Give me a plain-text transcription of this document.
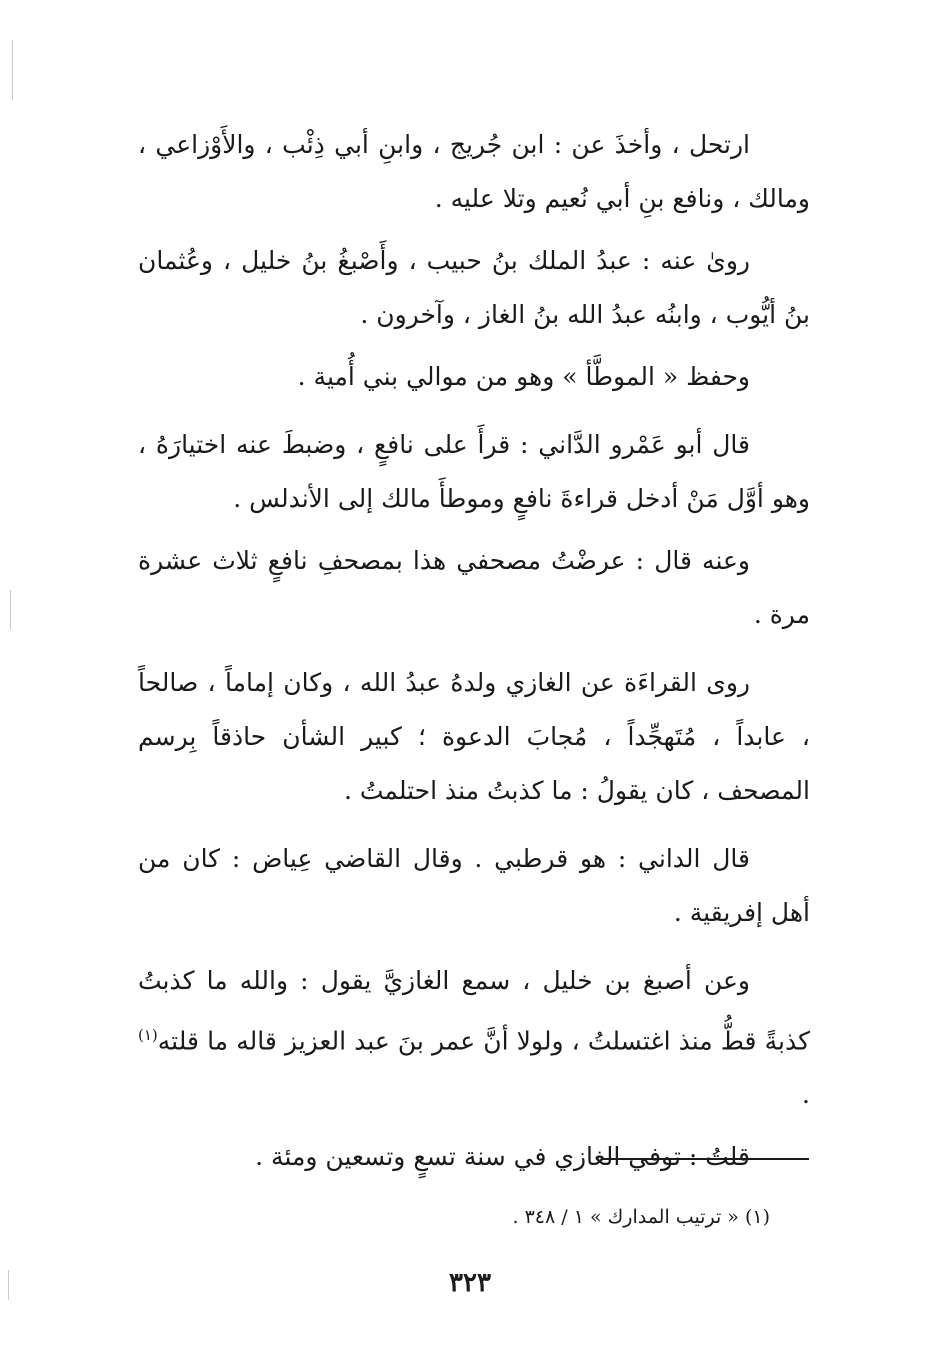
ارتحل ، وأخذَ عن : ابن جُريج ، وابنِ أبي ذِئْب ، والأَوْزاعي ، ومالك ، ونافع بنِ أبي نُعيم وتلا عليه .

روىٰ عنه : عبدُ الملك بنُ حبيب ، وأَصْبغُ بنُ خليل ، وعُثمان بنُ أيُّوب ، وابنُه عبدُ الله بنُ الغاز ، وآخرون .

وحفظ « الموطَّأ » وهو من موالي بني أُمية .

قال أبو عَمْرو الدَّاني : قرأَ على نافعٍ ، وضبطَ عنه اختيارَهُ ، وهو أوَّل مَنْ أدخل قراءةَ نافعٍ وموطأَ مالك إلى الأندلس .

وعنه قال : عرضْتُ مصحفي هذا بمصحفِ نافعٍ ثلاث عشرة مرة .

روى القراءَة عن الغازي ولدهُ عبدُ الله ، وكان إماماً ، صالحاً ، عابداً ، مُتَهجِّداً ، مُجابَ الدعوة ؛ كبير الشأن حاذقاً بِرسم المصحف ، كان يقولُ : ما كذبتُ منذ احتلمتُ .

قال الداني : هو قرطبي . وقال القاضي عِياض : كان من أهل إفريقية .

وعن أصبغ بن خليل ، سمع الغازيَّ يقول : والله ما كذبتُ كذبةً قطُّ منذ اغتسلتُ ، ولولا أنَّ عمر بنَ عبد العزيز قاله ما قلته$^{(١)}$ .

قلتُ : توفي الغازي في سنة تسعٍ وتسعين ومئة .

(١) « ترتيب المدارك » ١ / ٣٤٨ .
٣٢٣
